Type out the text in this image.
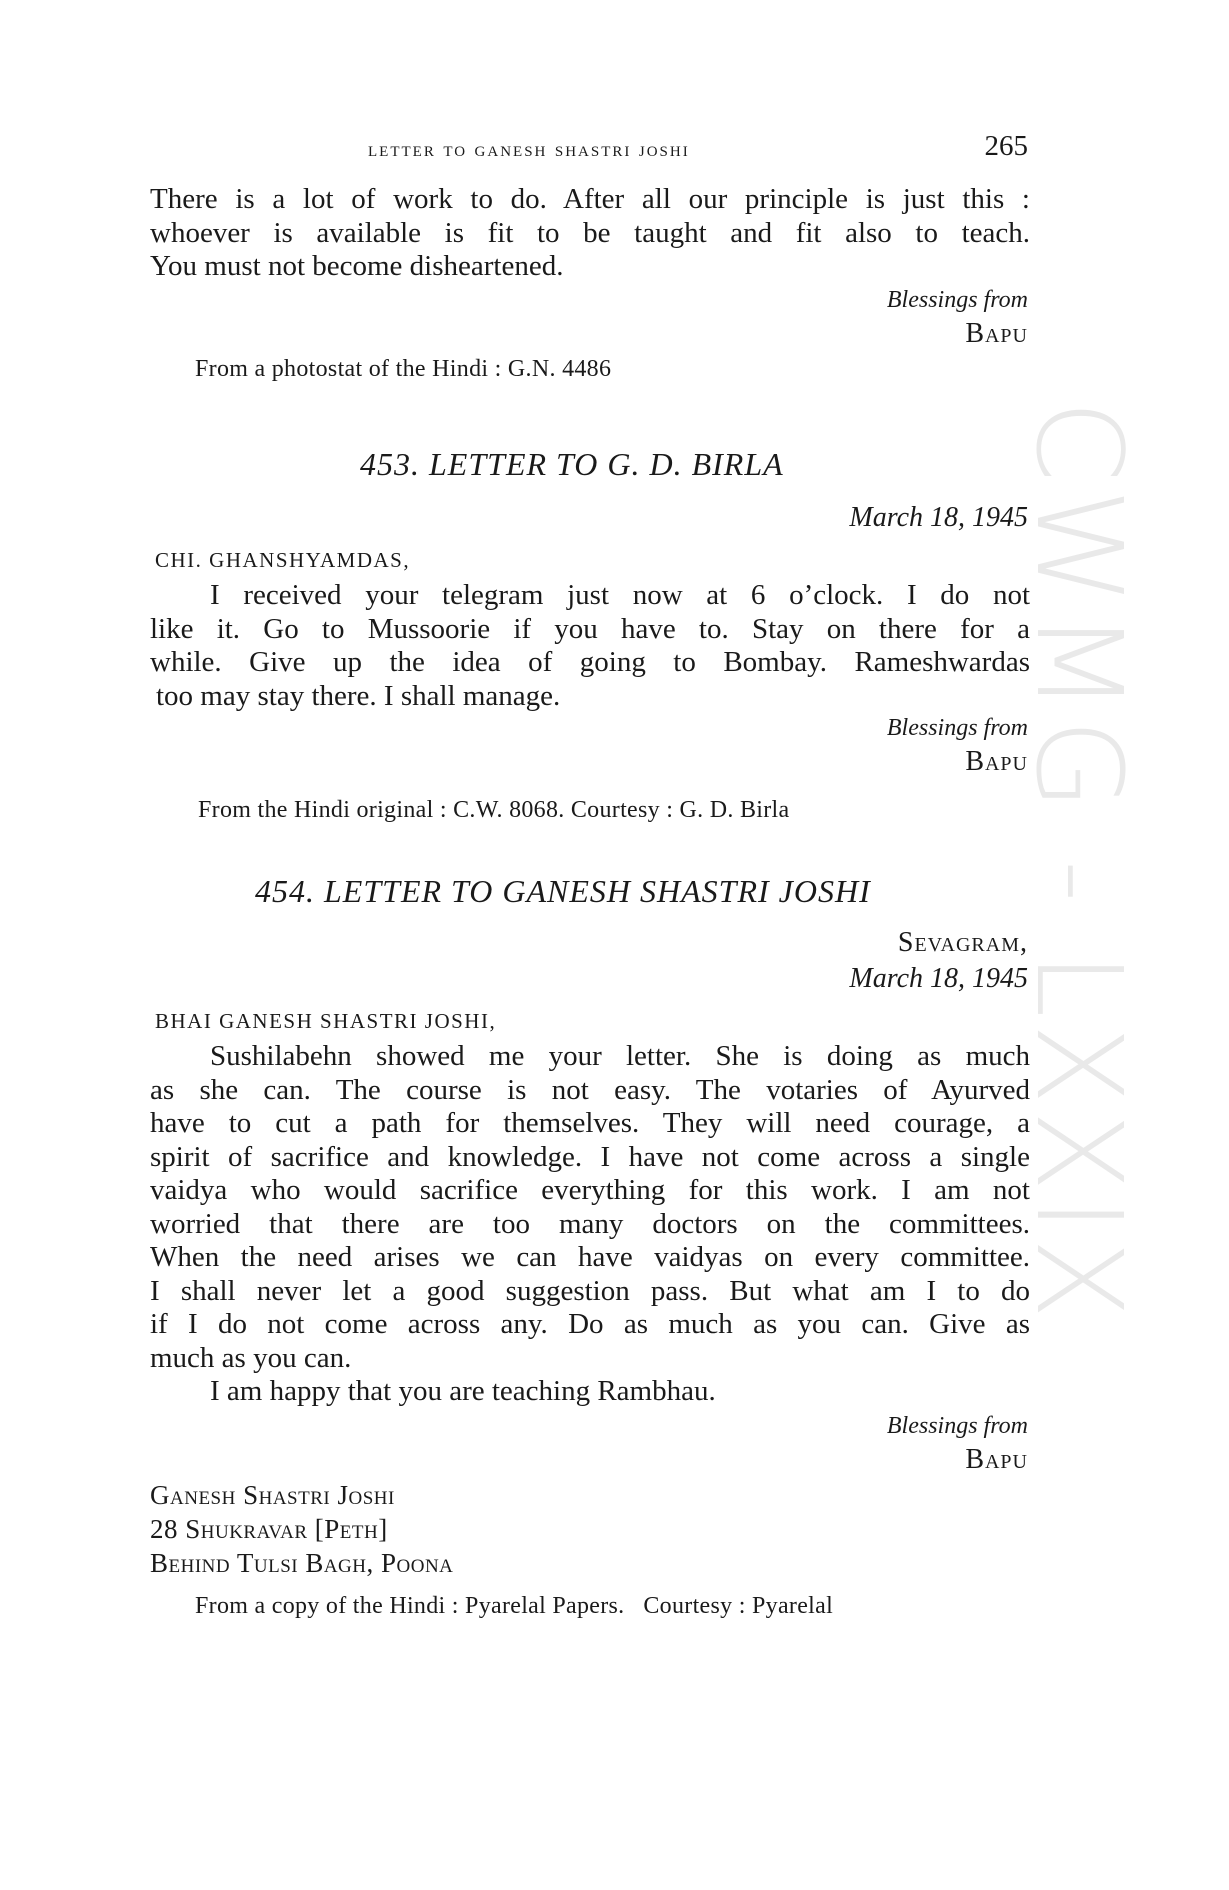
CWMG - LXXIX
letter to ganesh shastri joshi	265
There is a lot of work to do. After all our principle is just this :
whoever is available is fit to be taught and fit also to teach.
You must not become disheartened.
Blessings from
Bapu
From a photostat of the Hindi : G.N. 4486
453. LETTER TO G. D. BIRLA
March 18, 1945
CHI. GHANSHYAMDAS,
I received your telegram just now at 6 o’clock. I do not
like it. Go to Mussoorie if you have to. Stay on there for a
while. Give up the idea of going to Bombay. Rameshwardas
too may stay there. I shall manage.
Blessings from
Bapu
From the Hindi original : C.W. 8068. Courtesy : G. D. Birla
454. LETTER TO GANESH SHASTRI JOSHI
Sevagram,
March 18, 1945
BHAI GANESH SHASTRI JOSHI,
Sushilabehn showed me your letter. She is doing as much
as she can. The course is not easy. The votaries of Ayurved
have to cut a path for themselves. They will need courage, a
spirit of sacrifice and knowledge. I have not come across a single
vaidya who would sacrifice everything for this work. I am not
worried that there are too many doctors on the committees.
When the need arises we can have vaidyas on every committee.
I shall never let a good suggestion pass. But what am I to do
if I do not come across any. Do as much as you can. Give as
much as you can.
I am happy that you are teaching Rambhau.
Blessings from
Bapu
Ganesh Shastri Joshi
28 Shukravar [Peth]
Behind Tulsi Bagh, Poona
From a copy of the Hindi : Pyarelal Papers.   Courtesy : Pyarelal
